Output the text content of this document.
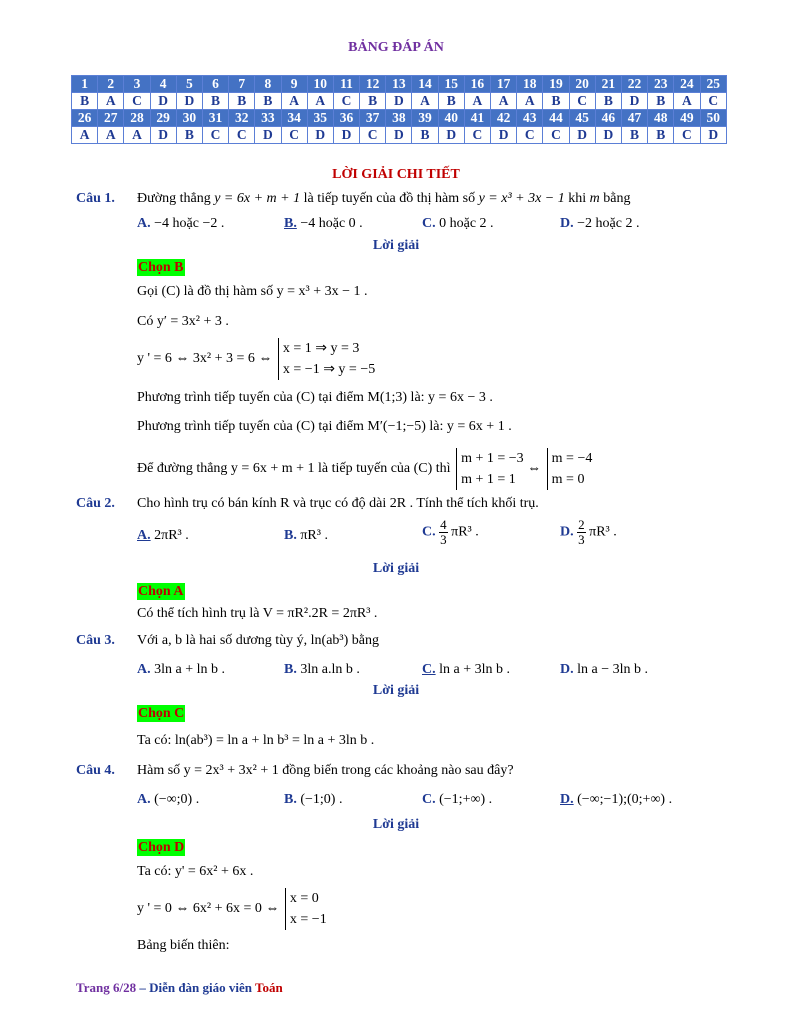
BẢNG ĐÁP ÁN
1	2	3	4	5	6	7	8	9	10	11	12	13	14	15	16	17	18	19	20	21	22	23	24	25
B	A	C	D	D	B	B	B	A	A	C	B	D	A	B	A	A	A	B	C	B	D	B	A	C
26	27	28	29	30	31	32	33	34	35	36	37	38	39	40	41	42	43	44	45	46	47	48	49	50
A	A	A	D	B	C	C	D	C	D	D	C	D	B	D	C	D	C	C	D	D	B	B	C	D
LỜI GIẢI CHI TIẾT
Câu 1. Đường thẳng y = 6x + m + 1 là tiếp tuyến của đồ thị hàm số y = x³ + 3x − 1 khi m bằng
A. −4 hoặc −2 .	B. −4 hoặc 0 .	C. 0 hoặc 2 .	D. −2 hoặc 2 .
Lời giải
Chọn B
Gọi (C) là đồ thị hàm số y = x³ + 3x − 1 .
Có y′ = 3x² + 3 .
y ' = 6 ⇔ 3x² + 3 = 6 ⇔ x = 1 ⇒ y = 3
x = −1 ⇒ y = −5
Phương trình tiếp tuyến của (C) tại điểm M(1;3) là: y = 6x − 3 .
Phương trình tiếp tuyến của (C) tại điểm M′(−1;−5) là: y = 6x + 1 .
Để đường thẳng y = 6x + m + 1 là tiếp tuyến của (C) thì m + 1 = −3
m + 1 = 1 ⇔ m = −4
m = 0
Câu 2. Cho hình trụ có bán kính R và trục có độ dài 2R . Tính thể tích khối trụ.
A. 2πR³ .	B. πR³ .	C. $\frac{4}{3} \pi R^3$ .	D. $\frac{2}{3} \pi R^3$ .
Lời giải
Chọn A
Có thể tích hình trụ là V = πR².2R = 2πR³ .
Câu 3. Với a, b là hai số dương tùy ý, ln(ab³) bằng
A. 3ln a + ln b .	B. 3ln a.ln b .	C. ln a + 3ln b .	D. ln a − 3ln b .
Lời giải
Chọn C
Ta có: ln(ab³) = ln a + ln b³ = ln a + 3ln b .
Câu 4. Hàm số y = 2x³ + 3x² + 1 đồng biến trong các khoảng nào sau đây?
A. (−∞;0) .	B. (−1;0) .	C. (−1;+∞) .	D. (−∞;−1);(0;+∞) .
Lời giải
Chọn D
Ta có: y' = 6x² + 6x .
y ' = 0 ⇔ 6x² + 6x = 0 ⇔ x = 0
x = −1
Bảng biến thiên:
Trang 6/28 – Diễn đàn giáo viên Toán
